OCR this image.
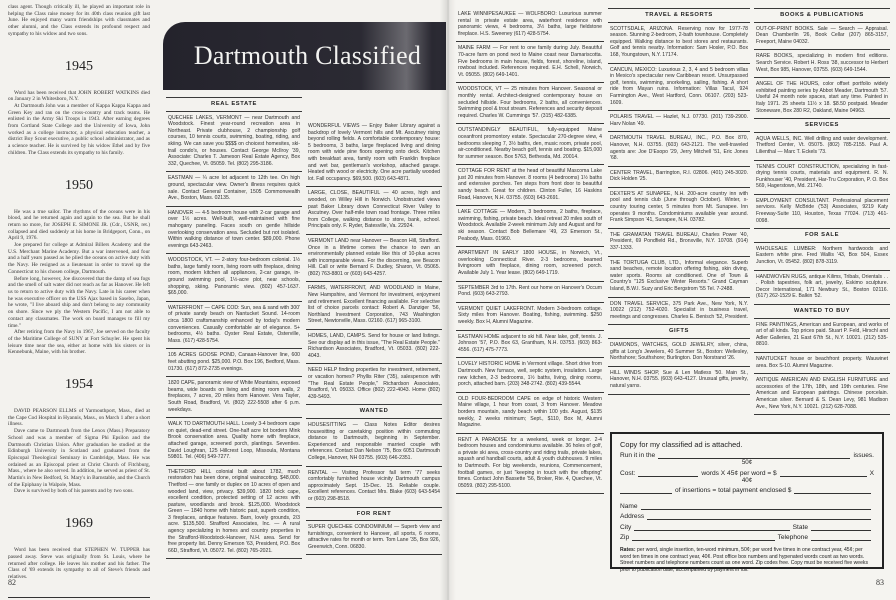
class agent. Though critically ill, he played an important role in helping the Class raise money for its 40th class reunion gift last June. He enjoyed many warm friendships with classmates and other alumni, and the Class extends its profound respect and sympathy to his widow and two sons.

1945

Word has been received that JOHN ROBERT WATKINS died on January 2 in Whitesboro, N.Y.

At Dartmouth John was a member of Kappa Kappa Kappa and Green Key and ran on the cross-country and track teams. He enlisted in the Army Ski Troops in 1943. After earning degrees from Cortland State College and the University of Iowa, John worked as a college instructor, a physical education teacher, a district Boy Scout executive, a public school administrator, and as a science teacher. He is survived by his widow Ethel and by five children. The Class extends its sympathy to his family.

1950

He was a true sailor. The rhythms of the oceans were in his blood, and he returned again and again to the sea. But he shall return no more, for JOSEPH E. SIMONE JR. (Cdr., USNR, ret.) collapsed and died suddenly at his home in Bridgeport, Conn., on April 9, 1976.

Joe prepared for college at Admiral Billers Academy and the U.S. Merchant Marine Academy. But a war intervened, and four and a half years passed as he plied the oceans on active duty with the Navy. He resigned as a lieutenant in order to travel up the Connecticut to his chosen college, Dartmouth.

Before long, however, Joe discovered that the damp of sea fogs and the smell of salt water did not reach as far as Hanover. He left us to return to active duty with the Navy. Late in his career when he was executive officer on the USS Ajax based in Sasebo, Japan, he wrote, "I live aboard ship and don't belong to any community on shore. Since we ply the Western Pacific, I am not able to contact any classmates. The work on board manages to fill my time."

After retiring from the Navy in 1967, Joe served on the faculty of the Maritime College of SUNY at Fort Schuyler. He spent his leisure time near the sea, either at home with his sisters or in Kennebunk, Maine, with his brother.

1954

DAVID PEARSON ELLMS of Yarmouthport, Mass., died at the Cape Cod Hospital in Hyannis, Mass., on March 1 after a short illness.

Dave came to Dartmouth from the Lenox (Mass.) Preparatory School and was a member of Sigma Phi Epsilon and the Dartmouth Christian Union. After graduation he studied at the Edinburgh University in Scotland and graduated from the Episcopal Theological Seminary in Cambridge, Mass. He was ordained as an Episcopal priest at Christ Church of Fitchburg, Mass., where he also served. In addition, he served as priest of St. Martin's in New Bedford, St. Mary's in Barnstable, and the Church of the Epiphany in Walpole, Mass.

Dave is survived by both of his parents and by two sons.

1969

Word has been received that STEPHEN W. TUPPER has passed away. Steve was originally from St. Louis, where he returned after college. He leaves his mother and his father. The Class of '69 extends its sympathy to all of Steve's friends and relatives.

82
Dartmouth Classified
REAL ESTATE
QUECHEE LAKES, VERMONT — near Dartmouth and Woodstock. Finest year-round recreation area in Northeast. Private clubhouse, 2 championship golf courses, 10 tennis courts, swimming, boating, riding, and skiing. We can save you $$$$ on choicest homesites, ski-trail condo's, or houses. Contact George McIlroy '39, Associate: Charles T. Jameson Real Estate Agency, Box 332, Quechee, Vt. 05059. Tel. (802) 295-3186.
EASTMAN — ¼ acre lot adjacent to 12th tee. On high ground, spectacular view. Owner's illness requires quick sale. Contact General Container, 1505 Commonwealth Ave., Boston, Mass. 02135.
HANOVER — 4-5 bedroom house with 2-car garage and over 1½ acres. Well-built, well-maintained with fine mahogany paneling. Faces south on gentle hillside overlooking conservation area. Secluded but not isolated. Within walking distance of town center. $89,000. Phone evenings 643-2463.
WOODSTOCK, VT. — 2-story four-bedroom colonial. 1½ baths, large family room, living room with fireplace, dining room, modern kitchen all appliances, 2-car garage, in-ground swimming pool, 1½-acre plot, near schools, shopping, skiing. Panoramic view. (802) 457-1637. $65,000.
WATERFRONT — CAPE COD: Sun, sea & sand with 300' of private sandy beach on Nantucket Sound. 14-room circa 1800 craftsmanship enhanced by today's modern conveniences. Casually comfortable air of elegance. 5+ bedrooms, 4½ baths. Oyster Real Estate, Osterville, Mass. (617) 428-5754.
105 ACRES GOOSE POND, Canaan-Hanover line, 600 feet abutting pond. $25,000. P.O. Box 196, Bedford, Mass. 01730. (617) 872-2735 evenings.
1820 CAPE, panoramic view of White Mountains, exposed beams, wide boards on living and dining room walls, 2 fireplaces, 7 acres, 20 miles from Hanover. Vera Tayler, South Road, Bradford, Vt. (802) 222-5508 after 6 p.m. weekdays.
WALK TO DARTMOUTH HALL. Lovely 3-4 bedroom cape on quiet, dead-end street. One-half acre lot borders Mink Brook conservation area. Quality home with fireplace, attached garage, screened porch, plantings. Seventies. David Loughran, 125 Hillcrest Loop, Missoula, Montana 59801. Tel. (406) 549-7277.
THETFORD HILL colonial built about 1782, much restoration has been done, original wainscoting. $48,000. Thetford — one family or duplex on 10 acres of open and wooded land, view, privacy. $39,900. 1820 brick cape, excellent condition, protected setting of 12 acres with pasture, woodlands and brook. $125,000. Woodstock Green — 1840 home with historic past, superb condition, 3 fireplaces, antique features. Barn, lovely grounds, 2/3 acre. $135,500. Strafford Associates, Inc. — A rural agency specializing in homes and country properties in the Strafford-Woodstock-Hanover, N.H. area. Send for free property list. Denny Emerson '63, President, P.O. Box 66D, Strafford, Vt. 05072. Tel. (802) 765-2021.
WONDERFUL VIEWS — Enjoy Baker Library against a backdrop of lovely Vermont hills and Mt. Ascutney rising beyond rolling fields. A comfortable contemporary house: 5 bedrooms, 3 baths, large fireplaced living and dining room with wide pine floors opening onto deck. Kitchen with breakfast area, family room with Franklin fireplace and wet bar, gentleman's workshop, attached garage. Heated with wood or electricity. One acre partially wooded lot. Fall occupancy. $69,500. (603) 643-4871.
LARGE, CLOSE, BEAUTIFUL — 40 acres, high and wooded, on Willey Hill in Norwich. Unobstructed views past Baker Library down Connecticut River Valley to Ascutney. Over half-mile town road frontage. Three miles from College, walking distance to store, bank, school. Principals only. F. Ryder, Batesville, Va. 22924.
VERMONT LAND near Hanover — Beacon Hill, Strafford. Once in a lifetime comes the chance to own an environmentally planned estate like this of 10-plus acres with incomparable views. For the discerning, see Beacon Hill. Call or write Bernard F. Dudley, Sharon, Vt. 05065. (802) 763-8801 or (603) 643-4257.
FARMS, WATERFRONT, AND WOODLAND in Maine, New Hampshire, and Vermont for investment, enjoyment and retirement. Excellent financing available. For selective list of choice parcels contact: Robert A. Danziger '56, Northland Investment Corporation, 743 Washington Street, Newtonville, Mass. 02160. (617) 965-3100.
HOMES, LAND, CAMPS. Send for house or land listings. See our display ad in this issue, "The Real Estate People." Richardson Associates, Bradford, Vt. 05033. (802) 222-4043.
NEED HELP finding properties for investment, retirement, or vacation homes? Phyllis Riter ('35), salesperson with "The Real Estate People," Richardson Associates, Bradford, Vt. 05033. Office (802) 222-4043. Home (802) 439-5493.
WANTED
HOUSESITTING — Class Notes Editor desires housesitting or caretaking position within commuting distance to Dartmouth, beginning in September. Experienced and responsible married couple with references. Contact Dan Nelson '75, Box 6051 Dartmouth College, Hanover, NH 03755. (603) 646-2351.
RENTAL — Visiting Professor fall term '77 seeks comfortably furnished house vicinity Dartmouth campus approximately Sept. 15-Dec. 15. Reliable couple. Excellent references. Contact Mrs. Blake (603) 643-5454 or (603) 298-8518.
FOR RENT
SUPER QUECHEE CONDOMINIUM — Superb view and furnishings, convenient to Hanover, all sports, 6 rooms, attractive rates for month or term. Tom Lane '35, Box 926, Greenwich, Conn. 06830.
LAKE WINNIPESAUKEE — WOLFBORO: Luxurious summer rental in private estate area, waterfront residence with panoramic views, 4 bedrooms, 3½ baths, large fieldstone fireplace. H.S. Sweeney (617) 428-5754.
MAINE FARM — For rent to one family during July. Beautiful 70-acre farm on pond next to Maine coast near Damariscotta. Five bedrooms in main house, fields, forest, shoreline, island, rowboat included. References required. E.H. Schell, Norwich, Vt. 05055. (802) 649-1401.
WOODSTOCK, VT — 25 minutes from Hanover. Seasonal or monthly rental. Architect-designed contemporary house on secluded hillside. Four bedrooms, 2 baths, all conveniences. Swimming pool & trout stream. References and security deposit required. Charles W. Cummings '57. (315) 482-6385.
OUTSTANDINGLY BEAUTIFUL, fully-equipped Maine oceanfront promontory estate. Spectacular 270-degree view, 4 bedrooms sleeping 7, 3½ baths, den, music room, private pool, air-conditioned. Nearby beach golf, tennis and boating. $15,000 for summer season. Box 5763, Bethesda, Md. 20014.
COTTAGE FOR RENT at the head of beautiful Mascoma Lake just 20 minutes from Hanover. 8 rooms (4 bedrooms) 1½ baths and extensive porches. Ten steps from front door to beautiful sandy beach. Great for children. Clinton Fuller, 16 Haskins Road, Hanover, N.H. 03755. (603) 643-2691.
LAKE COTTAGE — Modern, 3 bedrooms, 2 baths, fireplace, swimming, fishing, private beach. Ideal retreat 20 miles south of Woodstock. Available 2-week minimum July and August and for ski season. Contact Bob Bellemare '49, 23 Emerson St., Peabody, Mass. 01960.
APARTMENT IN EARLY 1800 HOUSE, in Norwich, Vt., overlooking Connecticut River. 2-3 bedrooms, beamed livingroom with fireplace, dining room, screened porch. Available July 1. Year lease. (802) 649-1719.
SEPTEMBER 3rd to 17th. Rent our home on Hanover's Occum Pond. (603) 643-2793.
VERMONT QUIET LAKEFRONT. Modern 3-bedroom cottage. Sixty miles from Hanover. Boating, fishing, swimming. $250 weekly. Box H, Alumni Magazine.
EASTMAN HOME adjacent to ski hill. Near lake, golf, tennis. J. Johnson '57, P.O. Box 63, Grantham, N.H. 03753. (603) 863-4556. (617) 475-7773.
LOVELY HISTORIC HOME in Vermont village. Short drive from Dartmouth. New furnace, well, septic system, insulation. Large new kitchen, 2-3 bedrooms, 1½ baths, living, dining rooms, porch, attached barn. (203) 348-2742. (802) 439-5544.
OLD FOUR-BEDROOM CAPE on edge of historic Western Maine village, 1 hour from coast, 3 from Hanover. Meadow borders mountain, sandy beach within 100 yds. August, $135 weekly, 2 weeks minimum; Sept., $110, Box M, Alumni Magazine.
RENT A PARADISE for a weekend, week or longer. 2-4 bedroom houses and condominiums available. 36 holes of golf, a private ski area, cross-country and riding trails, private lakes, squash and handball courts, adult & youth clubhouses. 9 miles to Dartmouth. For big weekends, reunions, Commencement, football games, or just "keeping in touch with the offspring" times. Contact John Bassette '56, Broker, Rte. 4, Quechee, Vt. 05059. (802) 295-5100.
TRAVEL & RESORTS
SCOTTSDALE, ARIZONA. Reserving now for 1977-78 season. Stunning 2-bedroom, 2-bath townhouse. Completely equipped. Walking distance to best stores and restaurants. Golf and tennis nearby. Information: Sam Hosler, P.O. Box 168, Youngstown, N.Y. 17174.
CANCUN, MEXICO: Luxurious 2, 3, 4 and 5 bedroom villas in Mexico's spectacular new Caribbean resort. Unsurpassed golf, tennis, swimming, snorkeling, sailing, fishing. A short ride from Mayan ruins. Information: Villas Tacul, 924 Farmington Ave., West Hartford, Conn. 06107. (203) 523-1609.
POLARIS TRAVEL — Hazlet, N.J. 07730. (201) 739-2900. Harv Nolan '49.
DARTMOUTH TRAVEL BUREAU, INC., P.O. Box 870, Hanover, N.H. 03755. (603) 643-2121. The well-traveled agents are: Joe D'Esopo '29, Jerry Mitchell '51, Eric Jones '68.
CENTER TRAVEL, Barrington, R.I. 02806. (401) 245-3020. Dick Holden '25.
DEXTER'S AT SUNAPEE, N.H. 200-acre country inn with pool and tennis club (June through October). Winter, x-country touring center, 5 minutes from Mt. Sunapee. Inn operates 9 months. Condominiums available year around. Frank Simpson '41, Sunapee, N.H. 03782.
THE GRAMATAN TRAVEL BUREAU, Charles Power '40, President, 69 Pondfield Rd., Bronxville, N.Y. 10708. (914) 337-1333.
THE TORTUGA CLUB, LTD., Informal elegance. Superb sand beaches, remote location offering fishing, skin diving, water sports. Rooms air conditioned. One of Town & Country's "125 Exclusive Winter Resorts." Grand Cayman Island, B.W.I. Suzy and Eric Bergstrom '55 Tel. 7-2488.
DON TRAVEL SERVICE, 375 Park Ave., New York, N.Y. 10022 (212) 752-4020. Specialist in business travel, meetings and congresses. Charles E. Benisch '52, President.
GIFTS
DIAMONDS, WATCHES, GOLD JEWELRY, silver, china, gifts at Long's Jewelers, 40 Summer St., Boston: Wellesley, Northshore; Southshore; Burlington. Don Norstrand '26.
HILL WINDS SHOP, Sue & Len Matless '50. Main St., Hanover, N.H. 03755. (603) 643-4127. Unusual gifts, jewelry, natural yarns.
BOOKS & PUBLICATIONS
OUT-OF-PRINT BOOKS. Sale — Search — Appraisal. Dean Chamberlin '26, Book Cellar (207) 865-3157, Freeport, Maine 04032.
RARE BOOKS, specializing in modern first editions. Search Service. Robert H. Ross '38, successor to Herbert West, Box 985, Hanover, 03755. (603) 649-1544.
ANGEL OF THE HOURS, color offset portfolio widely exhibited painting series by Abbot Meader, Dartmouth '57. Useful 24 month note spaces, start any time. Painted in Italy 1971. 25 sheets 11½ x 18. $8.50 postpaid. Meader Stoneware, Box 280 R2, Oakland, Maine 04963.
SERVICES
AQUA WELLS, INC. Well drilling and water development. Thetford Center, Vt. 05075. (802) 785-2155. Paul A. Lilienthal — Marc T. Eckels '73.
TENNIS COURT CONSTRUCTION, specializing in fast-drying tennis courts, materials and equipment. R. N. Funkhouser '40, President, Har-Tru Corporation, P. O. Box 569, Hagerstown, Md. 21740.
EMPLOYMENT CONSULTANT. Professional placement services. Kelly McBride ('53) Associates, 9219 Katy Freeway-Suite 110, Houston, Texas 77024. (713) 461-0098.
FOR SALE
WHOLESALE LUMBER: Northern hardwoods and Eastern white pine. Fred Wallis '43, Box 504, Essex Junction, Vt. 05452. (802) 878-3119.
HANDWOVEN RUGS, antique Kilims, Tribals, Orientals . . . Polish tapestries, folk art, jewelry, Eskimo sculpture. Decor International, 171 Newbury St., Boston 02116. (617) 262-1529 E. Balkin '52.
WANTED TO BUY
FINE PAINTINGS, American and European, and works of art of all kinds. Top prices paid. Stuart P. Feld, Hirschl and Adler Galleries, 21 East 67th St., N.Y. 10021. (212) 535-8810.
NANTUCKET house or beachfront property. Wauwinet area. Box S-10. Alumni Magazine.
ANTIQUE AMERICAN AND ENGLISH FURNITURE and accessories of the 17th, 18th, and 19th centuries. Fine American and European paintings. Chinese porcelain. American silver. Bernard & S. Dean Levy, 981 Madison Ave., New York, N.Y. 10021. (212) 628-7088.
83
Copy for my classified ad is attached.
Run it in the	issues.
50¢
Cost:	words X 45¢ per word = $	X
40¢
of insertions = total payment enclosed $
Name
Address
City	State
Zip	Telephone
Rates: per word, single insertion, ten-word minimum, 50¢; per word five times in one contract year, 45¢; per word ten times in one contract year, 40¢. Post office box numbers and hypenated words count as two words. Street numbers and telephone numbers count as one word. Zip codes free. Copy must be received five weeks prior to publication date, accompanied by payment in full.
